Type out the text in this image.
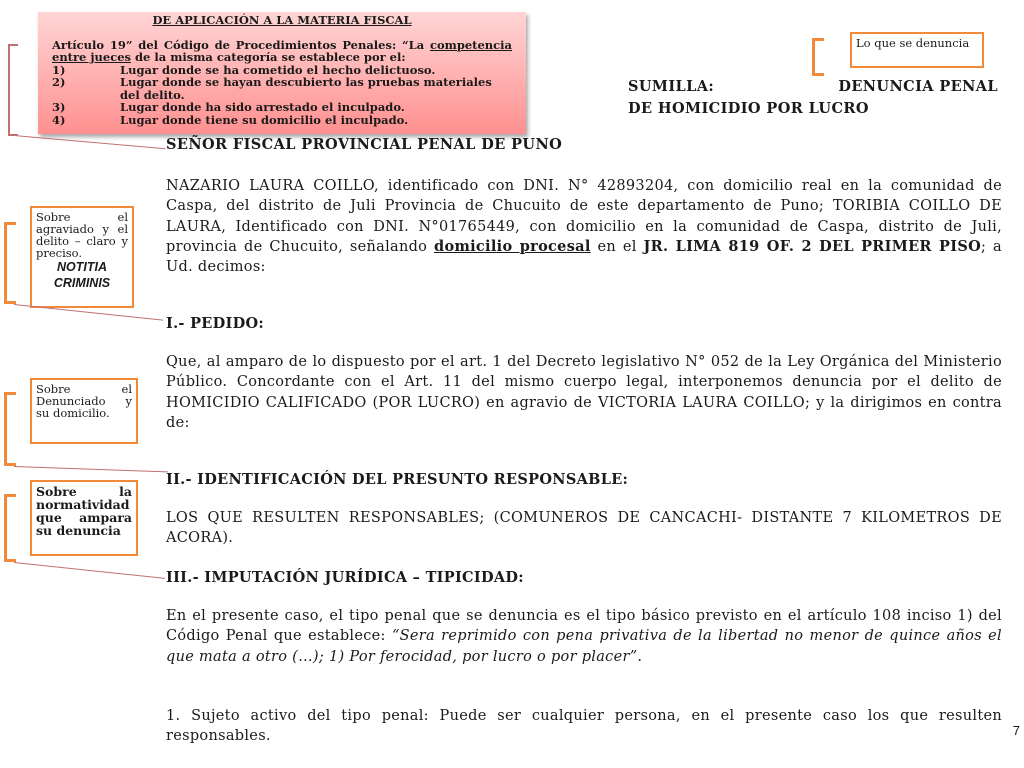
DE APLICACIÓN A LA MATERIA FISCAL
Artículo 19” del Código de Procedimientos Penales: “La competencia entre jueces de la misma categoría se establece por el:
1)	Lugar donde se ha cometido el hecho delictuoso.
2)	Lugar donde se hayan descubierto las pruebas materiales del delito.
3)	Lugar donde ha sido arrestado el inculpado.
4)	Lugar donde tiene su domicilio el inculpado.
Lo que se denuncia
SUMILLA:	DENUNCIA PENAL
DE HOMICIDIO POR LUCRO
SEÑOR FISCAL PROVINCIAL PENAL DE PUNO
Sobre el agraviado y el delito – claro y preciso.
NOTITIA CRIMINIS
Sobre el Denunciado y su domicilio.
Sobre la normatividad que ampara su denuncia
NAZARIO LAURA COILLO, identificado con DNI. N° 42893204, con domicilio real en la comunidad de Caspa, del distrito de Juli Provincia de Chucuito de este departamento de Puno; TORIBIA COILLO DE LAURA, Identificado con DNI. N°01765449, con domicilio en la comunidad de Caspa, distrito de Juli, provincia de Chucuito, señalando domicilio procesal en el JR. LIMA 819 OF. 2 DEL PRIMER PISO; a Ud. decimos:
I.- PEDIDO:
Que, al amparo de lo dispuesto por el art. 1 del Decreto legislativo N° 052 de la Ley Orgánica del Ministerio Público. Concordante con el Art. 11 del mismo cuerpo legal, interponemos denuncia por el delito de HOMICIDIO CALIFICADO (POR LUCRO) en agravio de VICTORIA LAURA COILLO; y la dirigimos en contra de:
II.- IDENTIFICACIÓN DEL PRESUNTO RESPONSABLE:
LOS QUE RESULTEN RESPONSABLES; (COMUNEROS DE CANCACHI- DISTANTE 7 KILOMETROS DE ACORA).
III.- IMPUTACIÓN JURÍDICA – TIPICIDAD:
En el presente caso, el tipo penal que se denuncia es el tipo básico previsto en el artículo 108 inciso 1) del Código Penal que establece: “Sera reprimido con pena privativa de la libertad no menor de quince años el que mata a otro (…); 1) Por ferocidad, por lucro o por placer”.
1. Sujeto activo del tipo penal: Puede ser cualquier persona, en el presente caso los que resulten responsables.	7
